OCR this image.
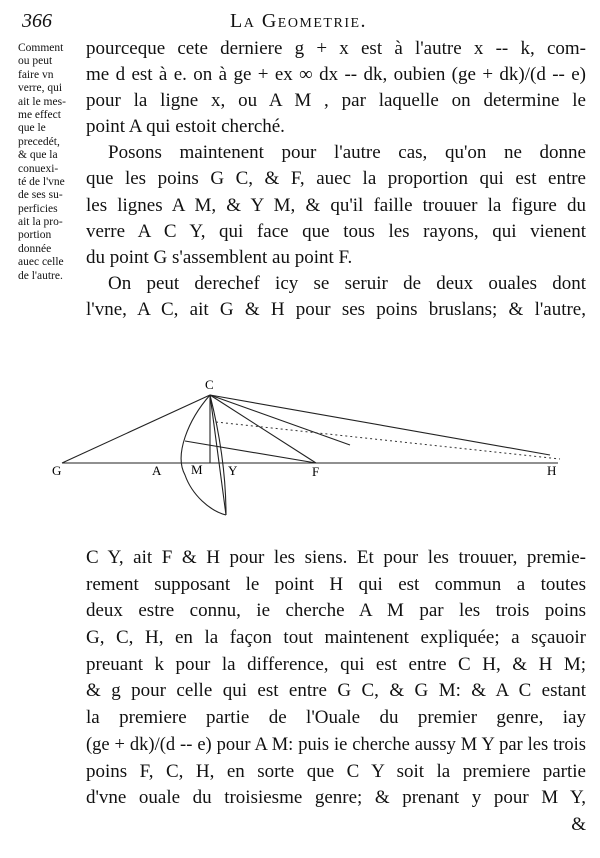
366	La Geometrie.
Comment
ou peut
faire vn
verre, qui
ait le mes-
me effect
que le
precedét,
& que la
conuexi-
té de l'vne
de ses su-
perficies
ait la pro-
portion
donnée
auec celle
de l'autre.
pourceque cete derniere g + x est à l'autre x -- k, com-
me d est à e. on à ge + ex ∞ dx -- dk, oubien (ge + dk)/(d -- e)
pour la ligne x, ou A M , par laquelle on determine le
point A qui estoit cherché.
Posons maintenent pour l'autre cas, qu'on ne donne
que les poins G C, & F, auec la proportion qui est entre
les lignes A M, & Y M, & qu'il faille trouuer la figure du
verre A C Y, qui face que tous les rayons, qui vienent
du point G s'assemblent au point F.
On peut derechef icy se seruir de deux ouales dont
l'vne, A C, ait G & H pour ses poins bruslans; & l'autre,
C
G	A M Y	F	H
C Y, ait F & H pour les siens. Et pour les trouuer, premie-
rement supposant le point H qui est commun a toutes
deux estre connu, ie cherche A M par les trois poins
G, C, H, en la façon tout maintenent expliquée; a sçauoir
preuant k pour la difference, qui est entre C H, & H M;
& g pour celle qui est entre G C, & G M: & A C estant
la premiere partie de l'Ouale du premier genre, iay
(ge + dk)/(d -- e) pour A M: puis ie cherche aussy M Y par les trois
poins F, C, H, en sorte que C Y soit la premiere partie
d'vne ouale du troisiesme genre; & prenant y pour M Y,
&
